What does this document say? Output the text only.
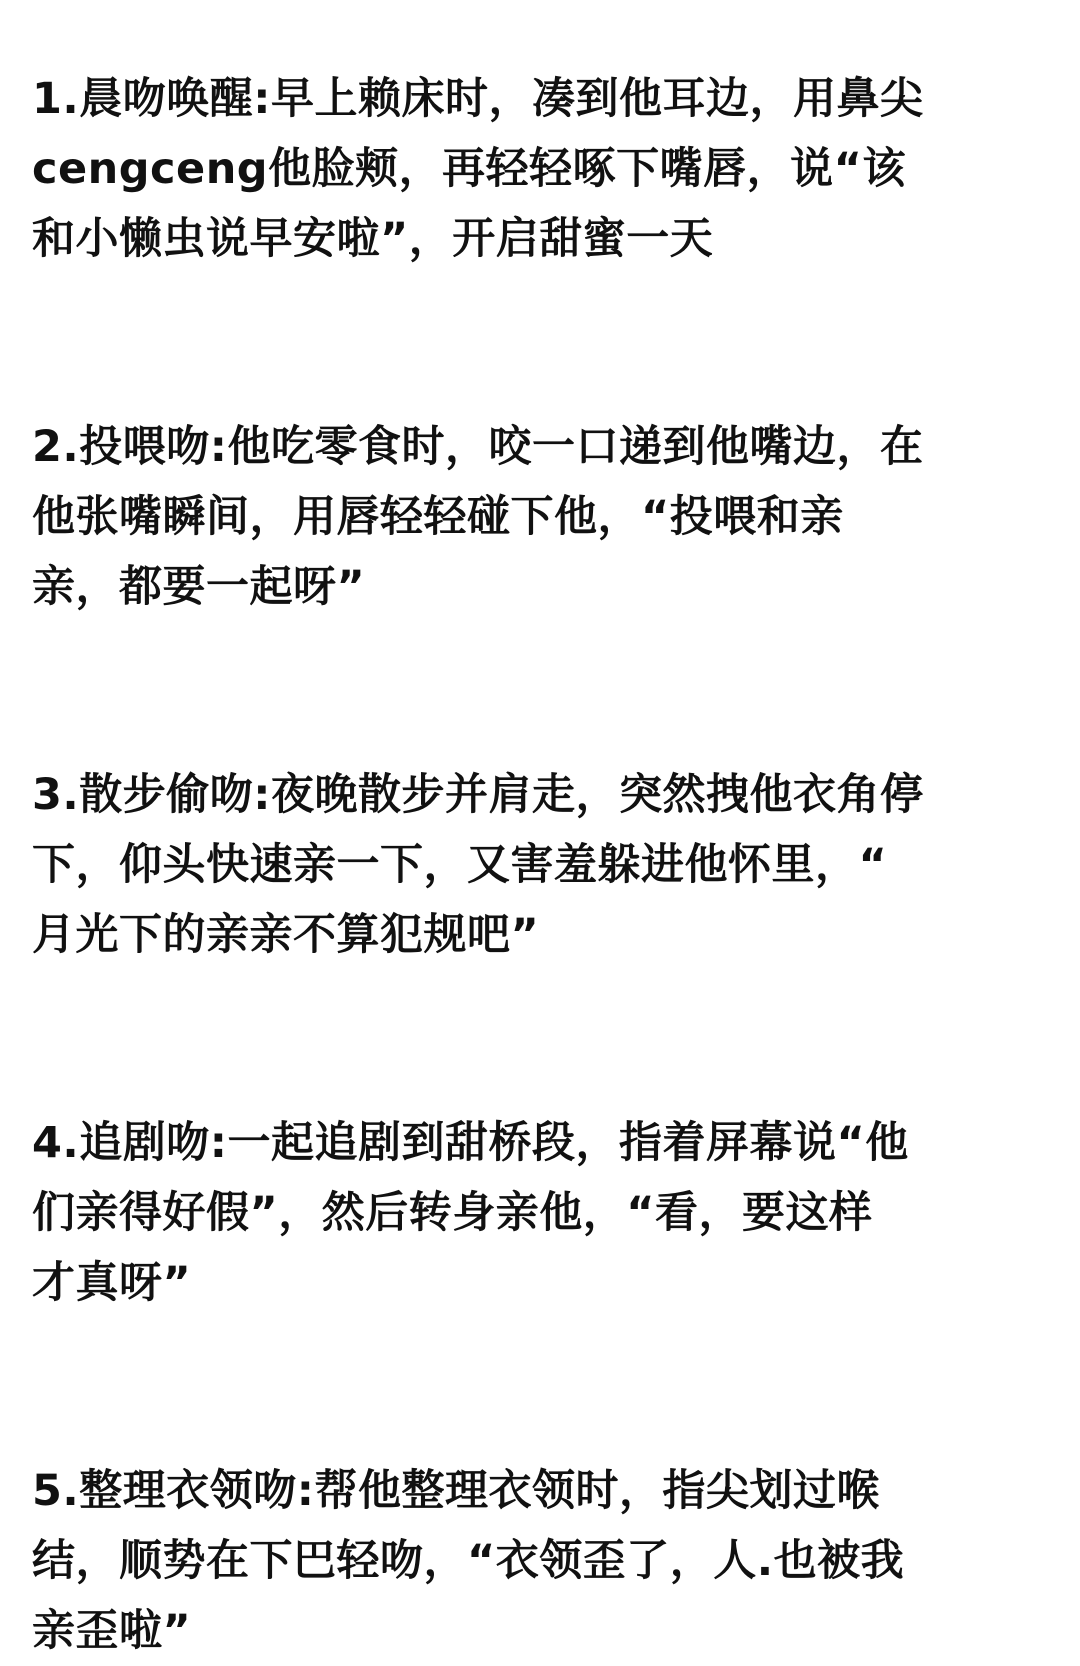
1.晨吻唤醒:早上赖床时，凑到他耳边，用鼻尖
cengceng他脸颊，再轻轻啄下嘴唇，说“该
和小懒虫说早安啦”，开启甜蜜一天
2.投喂吻:他吃零食时，咬一口递到他嘴边，在
他张嘴瞬间，用唇轻轻碰下他，“投喂和亲
亲，都要一起呀”
3.散步偷吻:夜晚散步并肩走，突然拽他衣角停
下，仰头快速亲一下，又害羞躲进他怀里，“
月光下的亲亲不算犯规吧”
4.追剧吻:一起追剧到甜桥段，指着屏幕说“他
们亲得好假”，然后转身亲他，“看，要这样
才真呀”
5.整理衣领吻:帮他整理衣领时，指尖划过喉
结，顺势在下巴轻吻，“衣领歪了，人.也被我
亲歪啦”
